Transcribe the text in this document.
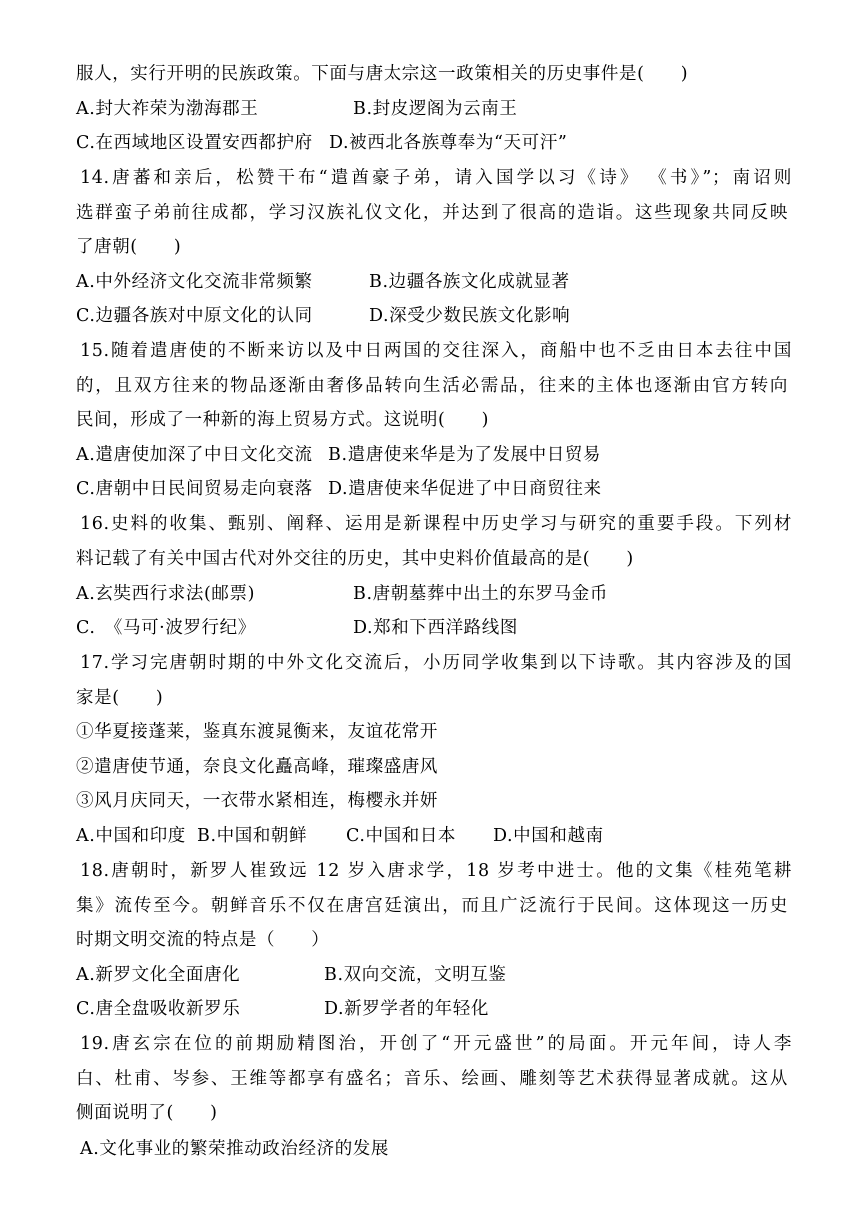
服人，实行开明的民族政策。下面与唐太宗这一政策相关的历史事件是(　　)
A.封大祚荣为渤海郡王	B.封皮逻阁为云南王
C.在西域地区设置安西都护府 D.被西北各族尊奉为“天可汗”
14.唐蕃和亲后，松赞干布“遣酋豪子弟，请入国学以习《诗》 《书》”；南诏则
选群蛮子弟前往成都，学习汉族礼仪文化，并达到了很高的造诣。这些现象共同反映
了唐朝(　　)
A.中外经济文化交流非常频繁	B.边疆各族文化成就显著
C.边疆各族对中原文化的认同	D.深受少数民族文化影响
15.随着遣唐使的不断来访以及中日两国的交往深入，商船中也不乏由日本去往中国
的，且双方往来的物品逐渐由奢侈品转向生活必需品，往来的主体也逐渐由官方转向
民间，形成了一种新的海上贸易方式。这说明(　　)
A.遣唐使加深了中日文化交流 B.遣唐使来华是为了发展中日贸易
C.唐朝中日民间贸易走向衰落 D.遣唐使来华促进了中日商贸往来
16.史料的收集、甄别、阐释、运用是新课程中历史学习与研究的重要手段。下列材
料记载了有关中国古代对外交往的历史，其中史料价值最高的是(　　)
A.玄奘西行求法(邮票)	B.唐朝墓葬中出土的东罗马金币
C.　《马可·波罗行纪》	D.郑和下西洋路线图
17.学习完唐朝时期的中外文化交流后，小历同学收集到以下诗歌。其内容涉及的国
家是(　　)
①华夏接蓬莱，鉴真东渡晁衡来，友谊花常开
②遣唐使节通，奈良文化矗高峰，璀璨盛唐风
③风月庆同天，一衣带水紧相连，梅樱永并妍
A.中国和印度 B.中国和朝鲜 C.中国和日本 D.中国和越南
18.唐朝时，新罗人崔致远 12 岁入唐求学，18 岁考中进士。他的文集《桂苑笔耕
集》流传至今。朝鲜音乐不仅在唐宫廷演出，而且广泛流行于民间。这体现这一历史
时期文明交流的特点是（　　）
A.新罗文化全面唐化	B.双向交流，文明互鉴
C.唐全盘吸收新罗乐	D.新罗学者的年轻化
19.唐玄宗在位的前期励精图治，开创了“开元盛世”的局面。开元年间，诗人李
白、杜甫、岑参、王维等都享有盛名；音乐、绘画、雕刻等艺术获得显著成就。这从
侧面说明了(　　)
A.文化事业的繁荣推动政治经济的发展
